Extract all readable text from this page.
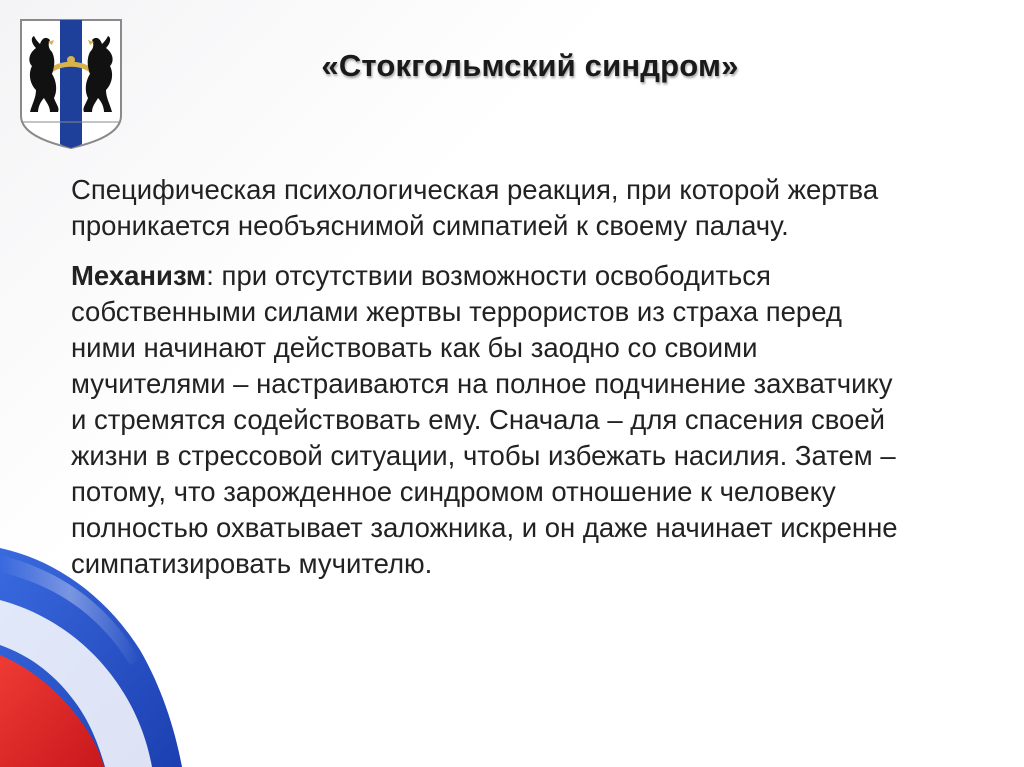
«Стокгольмский синдром»

Специфическая психологическая реакция, при которой жертва проникается необъяснимой симпатией к своему палачу.

Механизм: при отсутствии возможности освободиться собственными силами жертвы террористов из страха перед ними начинают действовать как бы заодно со своими мучителями – настраиваются на полное подчинение захватчику и стремятся содействовать ему. Сначала – для спасения своей жизни в стрессовой ситуации, чтобы избежать насилия. Затем – потому, что зарожденное синдромом отношение к человеку полностью охватывает заложника, и он даже начинает искренне симпатизировать мучителю.
